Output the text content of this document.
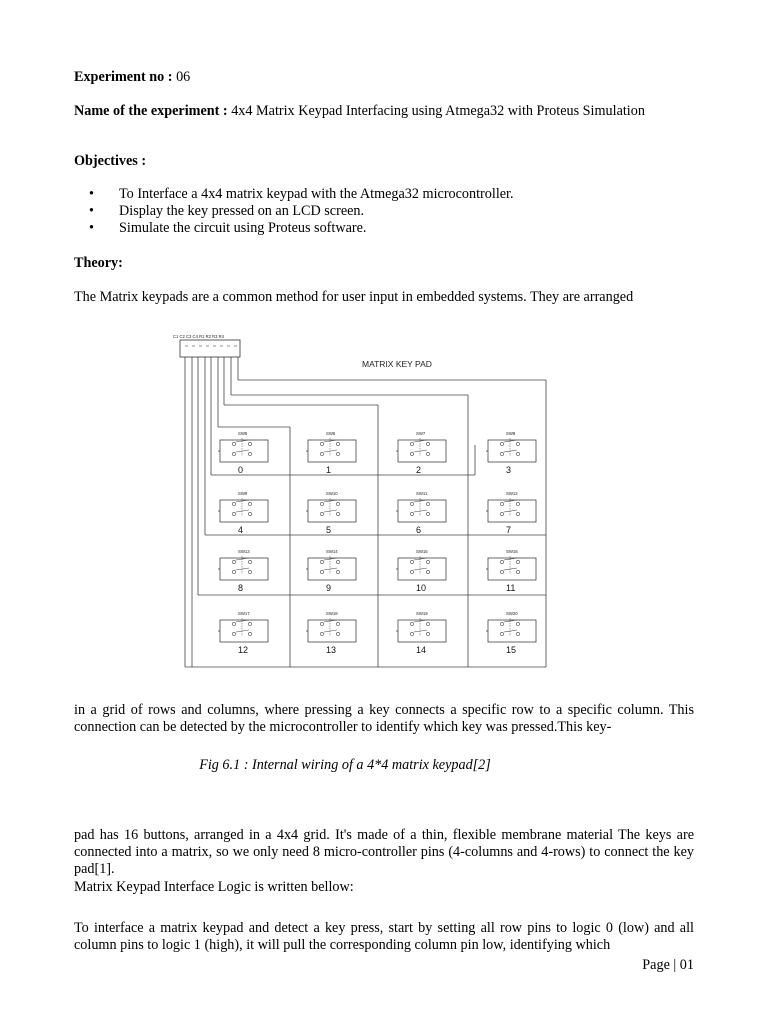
Experiment no : 06
Name of the experiment : 4x4 Matrix Keypad Interfacing using Atmega32 with Proteus Simulation
Objectives :
• To Interface a 4x4 matrix keypad with the Atmega32 microcontroller.
• Display the key pressed on an LCD screen.
• Simulate the circuit using Proteus software.
Theory:
The Matrix keypads are a common method for user input in embedded systems. They are arranged
C1 C2 C3 C4 R1 R2 R3 R4
MATRIX KEY PAD
SW5
0
SW6
1
SW7
2
SW8
3
SW9
4
SW10
5
SW11
6
SW12
7
SW13
8
SW14
9
SW15
10
SW16
11
SW17
12
SW18
13
SW19
14
SW20
15
in a grid of rows and columns, where pressing a key connects a specific row to a specific column. This connection can be detected by the microcontroller to identify which key was pressed.This key-
Fig 6.1 : Internal wiring of a 4*4 matrix keypad[2]
pad has 16 buttons, arranged in a 4x4 grid. It's made of a thin, flexible membrane material The keys are connected into a matrix, so we only need 8 micro-controller pins (4-columns and 4-rows) to connect the key pad[1].
Matrix Keypad Interface Logic is written bellow:
To interface a matrix keypad and detect a key press, start by setting all row pins to logic 0 (low) and all column pins to logic 1 (high), it will pull the corresponding column pin low, identifying which
Page | 01
